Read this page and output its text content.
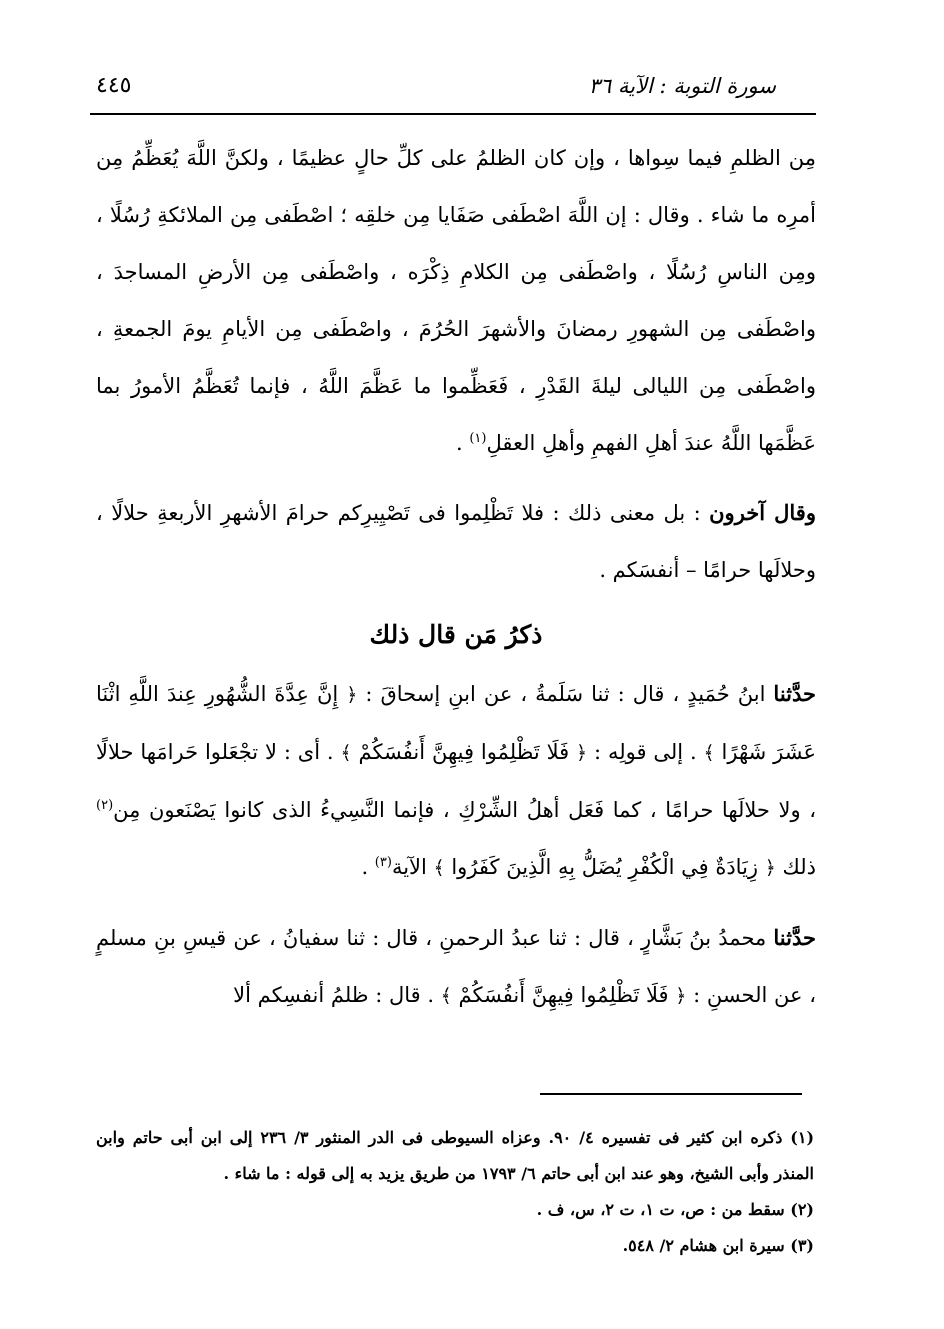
٤٤٥	سورة التوبة : الآية ٣٦

مِن الظلمِ فيما سِواها ، وإن كان الظلمُ على كلِّ حالٍ عظيمًا ، ولكنَّ اللَّهَ يُعَظِّمُ مِن أمرِه ما شاء . وقال : إن اللَّهَ اصْطَفى صَفَايا مِن خلقِه ؛ اصْطَفى مِن الملائكةِ رُسُلًا ، ومِن الناسِ رُسُلًا ، واصْطَفى مِن الكلامِ ذِكْرَه ، واصْطَفى مِن الأرضِ المساجدَ ، واصْطَفى مِن الشهورِ رمضانَ والأشهرَ الحُرُمَ ، واصْطَفى مِن الأيامِ يومَ الجمعةِ ، واصْطَفى مِن الليالى ليلةَ القَدْرِ ، فَعَظِّموا ما عَظَّمَ اللَّهُ ، فإنما تُعَظَّمُ الأمورُ بما عَظَّمَها اللَّهُ عندَ أهلِ الفهمِ وأهلِ العقلِ$^{(١)}$ .

وقال آخرون : بل معنى ذلك : فلا تَظْلِموا فى تَصْيِيرِكم حرامَ الأشهرِ الأربعةِ حلالًا ، وحلالَها حرامًا – أنفسَكم .

ذكرُ مَن قال ذلك

حدَّثنا ابنُ حُمَيدٍ ، قال : ثنا سَلَمةُ ، عن ابنِ إسحاقَ : ﴿ إِنَّ عِدَّةَ الشُّهُورِ عِندَ اللَّهِ اثْنَا عَشَرَ شَهْرًا ﴾ . إلى قولِه : ﴿ فَلَا تَظْلِمُوا فِيهِنَّ أَنفُسَكُمْ ﴾ . أى : لا تجْعَلوا حَرامَها حلالًا ، ولا حلالَها حرامًا ، كما فَعَل أهلُ الشِّرْكِ ، فإنما النَّسِيءُ الذى كانوا يَصْنَعون مِن$^{(٢)}$ ذلك ﴿ زِيَادَةٌ فِي الْكُفْرِ يُضَلُّ بِهِ الَّذِينَ كَفَرُوا ﴾ الآية$^{(٣)}$ .

حدَّثنا محمدُ بنُ بَشَّارٍ ، قال : ثنا عبدُ الرحمنِ ، قال : ثنا سفيانُ ، عن قيسِ بنِ مسلمٍ ، عن الحسنِ : ﴿ فَلَا تَظْلِمُوا فِيهِنَّ أَنفُسَكُمْ ﴾ . قال : ظلمُ أنفسِكم ألا

(١) ذكره ابن كثير فى تفسيره ٤/ ٩٠. وعزاه السيوطى فى الدر المنثور ٣/ ٢٣٦ إلى ابن أبى حاتم وابن المنذر وأبى الشيخ، وهو عند ابن أبى حاتم ٦/ ١٧٩٣ من طريق يزيد به إلى قوله : ما شاء .

(٢) سقط من : ص، ت ١، ت ٢، س، ف .

(٣) سيرة ابن هشام ٢/ ٥٤٨.
